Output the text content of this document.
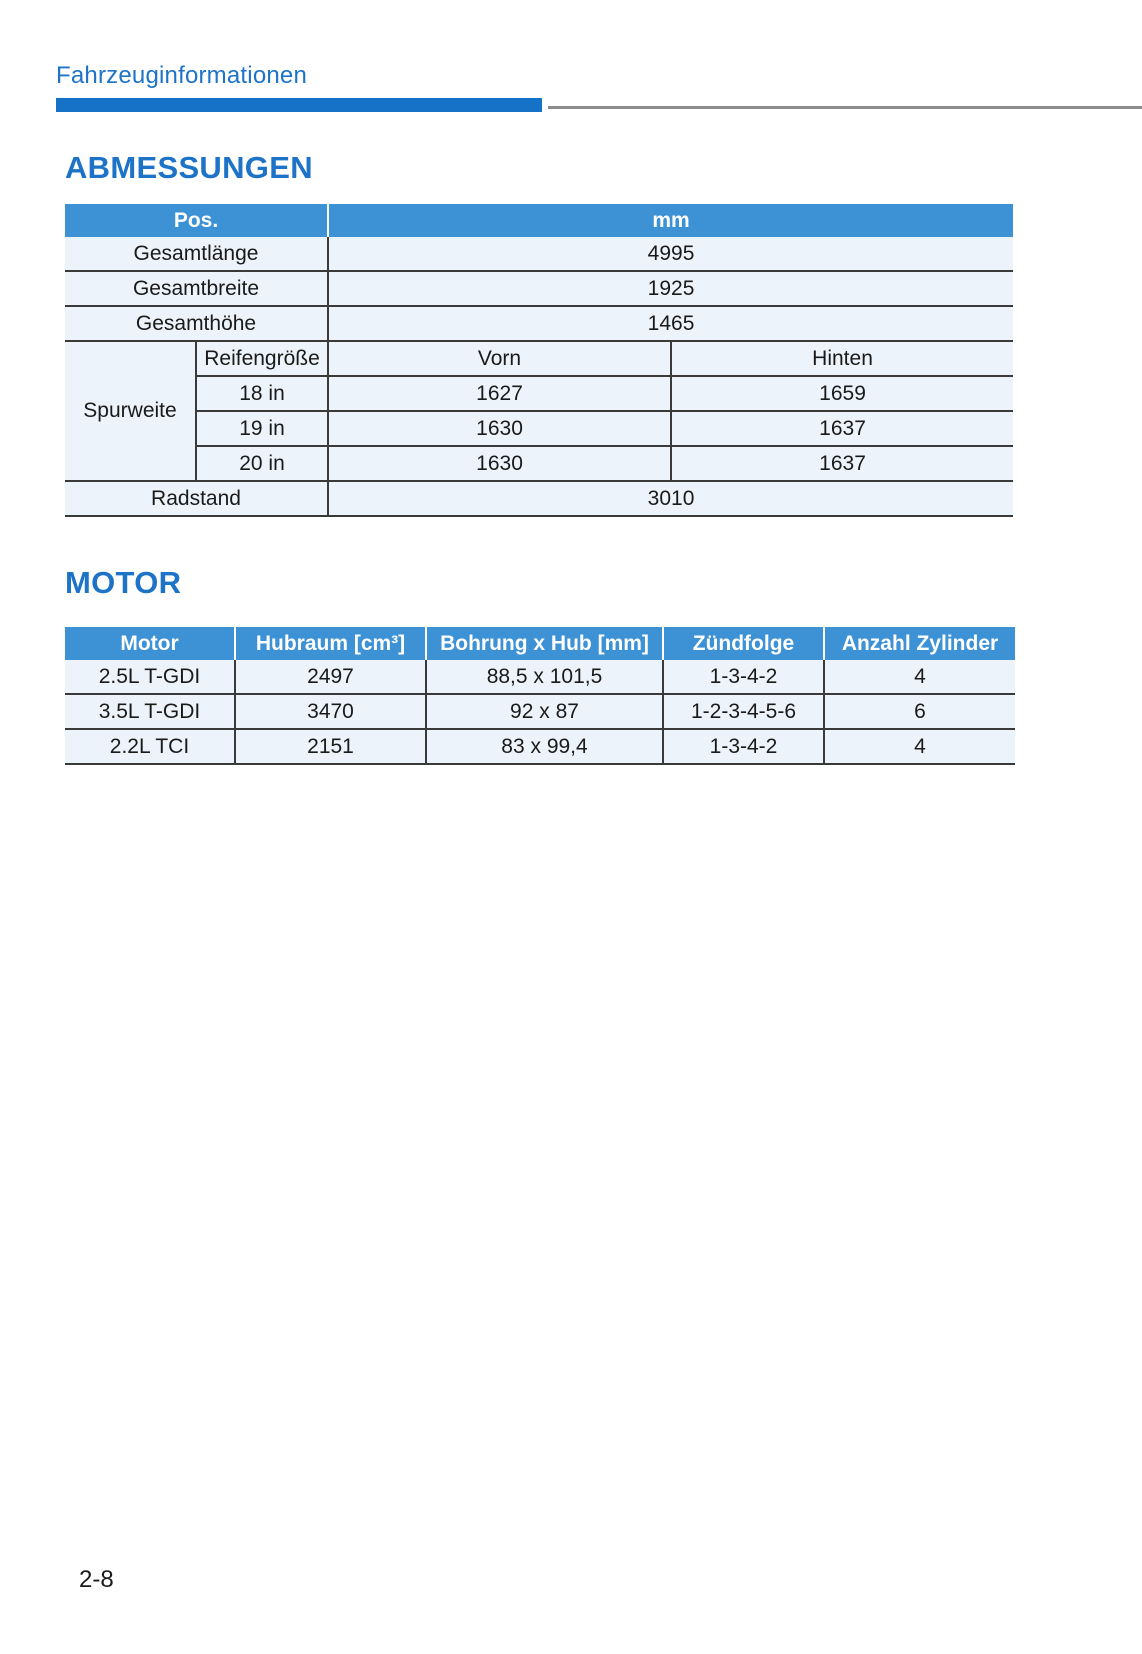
Fahrzeuginformationen
ABMESSUNGEN
Pos.		mm	
Gesamtlänge		4995	
Gesamtbreite		1925	
Gesamthöhe		1465	
Spurweite	Reifengröße	Vorn	Hinten
	18 in	1627	1659
	19 in	1630	1637
	20 in	1630	1637
Radstand		3010	
MOTOR
Motor	Hubraum [cm³]	Bohrung x Hub [mm]	Zündfolge	Anzahl Zylinder
2.5L T-GDI	2497	88,5 x 101,5	1-3-4-2	4
3.5L T-GDI	3470	92 x 87	1-2-3-4-5-6	6
2.2L TCI	2151	83 x 99,4	1-3-4-2	4
2-8
